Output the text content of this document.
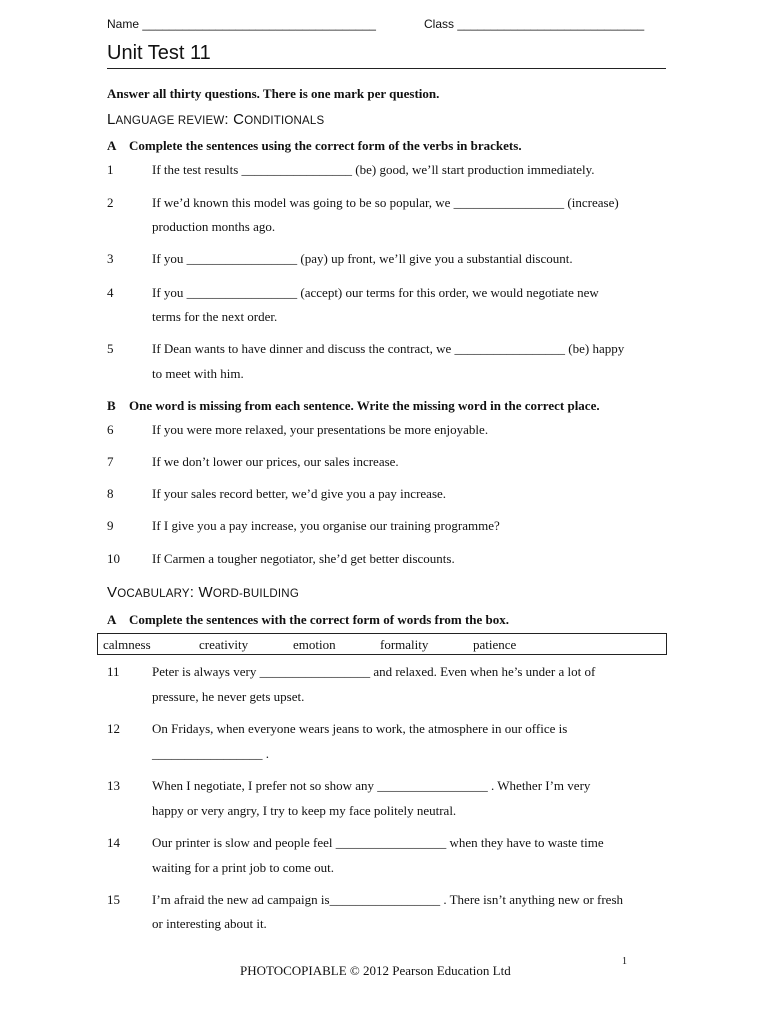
Name ___________________________________	Class ____________________________
Unit Test 11
Answer all thirty questions. There is one mark per question.
LANGUAGE REVIEW: CONDITIONALS
A Complete the sentences using the correct form of the verbs in brackets.
1	If the test results _________________ (be) good, we’ll start production immediately.
2	If we’d known this model was going to be so popular, we _________________ (increase)
production months ago.
3	If you _________________ (pay) up front, we’ll give you a substantial discount.
4	If you _________________ (accept) our terms for this order, we would negotiate new
terms for the next order.
5	If Dean wants to have dinner and discuss the contract, we _________________ (be) happy
to meet with him.
B One word is missing from each sentence. Write the missing word in the correct place.
6	If you were more relaxed, your presentations be more enjoyable.
7	If we don’t lower our prices, our sales increase.
8	If your sales record better, we’d give you a pay increase.
9	If I give you a pay increase, you organise our training programme?
10 If Carmen a tougher negotiator, she’d get better discounts.
VOCABULARY: WORD-BUILDING
A Complete the sentences with the correct form of words from the box.
calmness	creativity	emotion	formality	patience
11 Peter is always very _________________ and relaxed. Even when he’s under a lot of
pressure, he never gets upset.
12 On Fridays, when everyone wears jeans to work, the atmosphere in our office is
_________________ .
13 When I negotiate, I prefer not so show any _________________ . Whether I’m very
happy or very angry, I try to keep my face politely neutral.
14 Our printer is slow and people feel _________________ when they have to waste time
waiting for a print job to come out.
15 I’m afraid the new ad campaign is_________________ . There isn’t anything new or fresh
or interesting about it.
1
PHOTOCOPIABLE © 2012 Pearson Education Ltd
